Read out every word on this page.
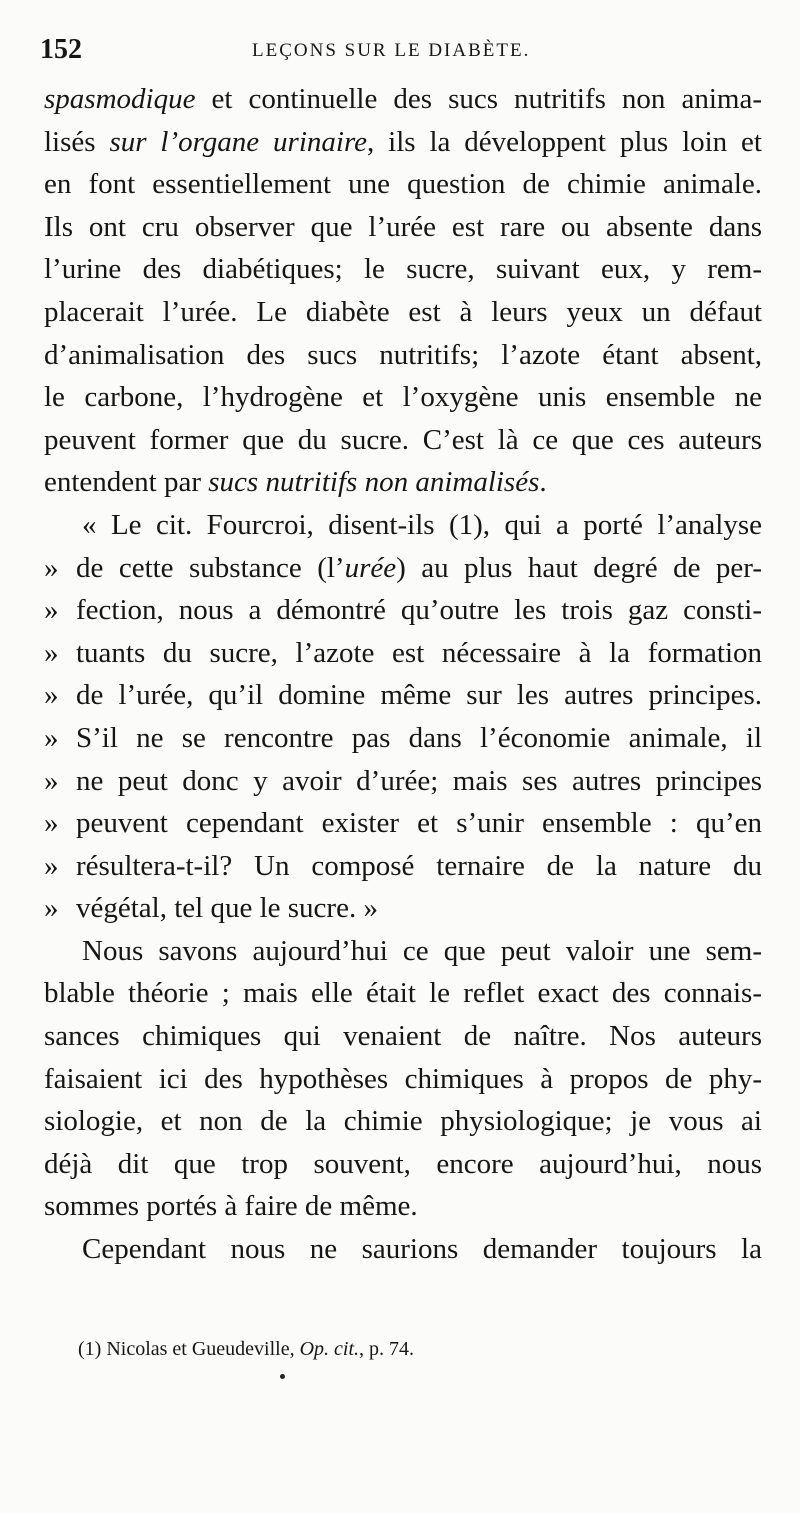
152	LEÇONS SUR LE DIABÈTE.
spasmodique et continuelle des sucs nutritifs non anima-
lisés sur l’organe urinaire, ils la développent plus loin et
en font essentiellement une question de chimie animale.
Ils ont cru observer que l’urée est rare ou absente dans
l’urine des diabétiques; le sucre, suivant eux, y rem-
placerait l’urée. Le diabète est à leurs yeux un défaut
d’animalisation des sucs nutritifs; l’azote étant absent,
le carbone, l’hydrogène et l’oxygène unis ensemble ne
peuvent former que du sucre. C’est là ce que ces auteurs
entendent par sucs nutritifs non animalisés.
« Le cit. Fourcroi, disent-ils (1), qui a porté l’analyse
» de cette substance (l’urée) au plus haut degré de per-
» fection, nous a démontré qu’outre les trois gaz consti-
» tuants du sucre, l’azote est nécessaire à la formation
» de l’urée, qu’il domine même sur les autres principes.
» S’il ne se rencontre pas dans l’économie animale, il
» ne peut donc y avoir d’urée; mais ses autres principes
» peuvent cependant exister et s’unir ensemble : qu’en
» résultera-t-il? Un composé ternaire de la nature du
» végétal, tel que le sucre. »
Nous savons aujourd’hui ce que peut valoir une sem-
blable théorie ; mais elle était le reflet exact des connais-
sances chimiques qui venaient de naître. Nos auteurs
faisaient ici des hypothèses chimiques à propos de phy-
siologie, et non de la chimie physiologique; je vous ai
déjà dit que trop souvent, encore aujourd’hui, nous
sommes portés à faire de même.
Cependant nous ne saurions demander toujours la
(1) Nicolas et Gueudeville, Op. cit., p. 74.
